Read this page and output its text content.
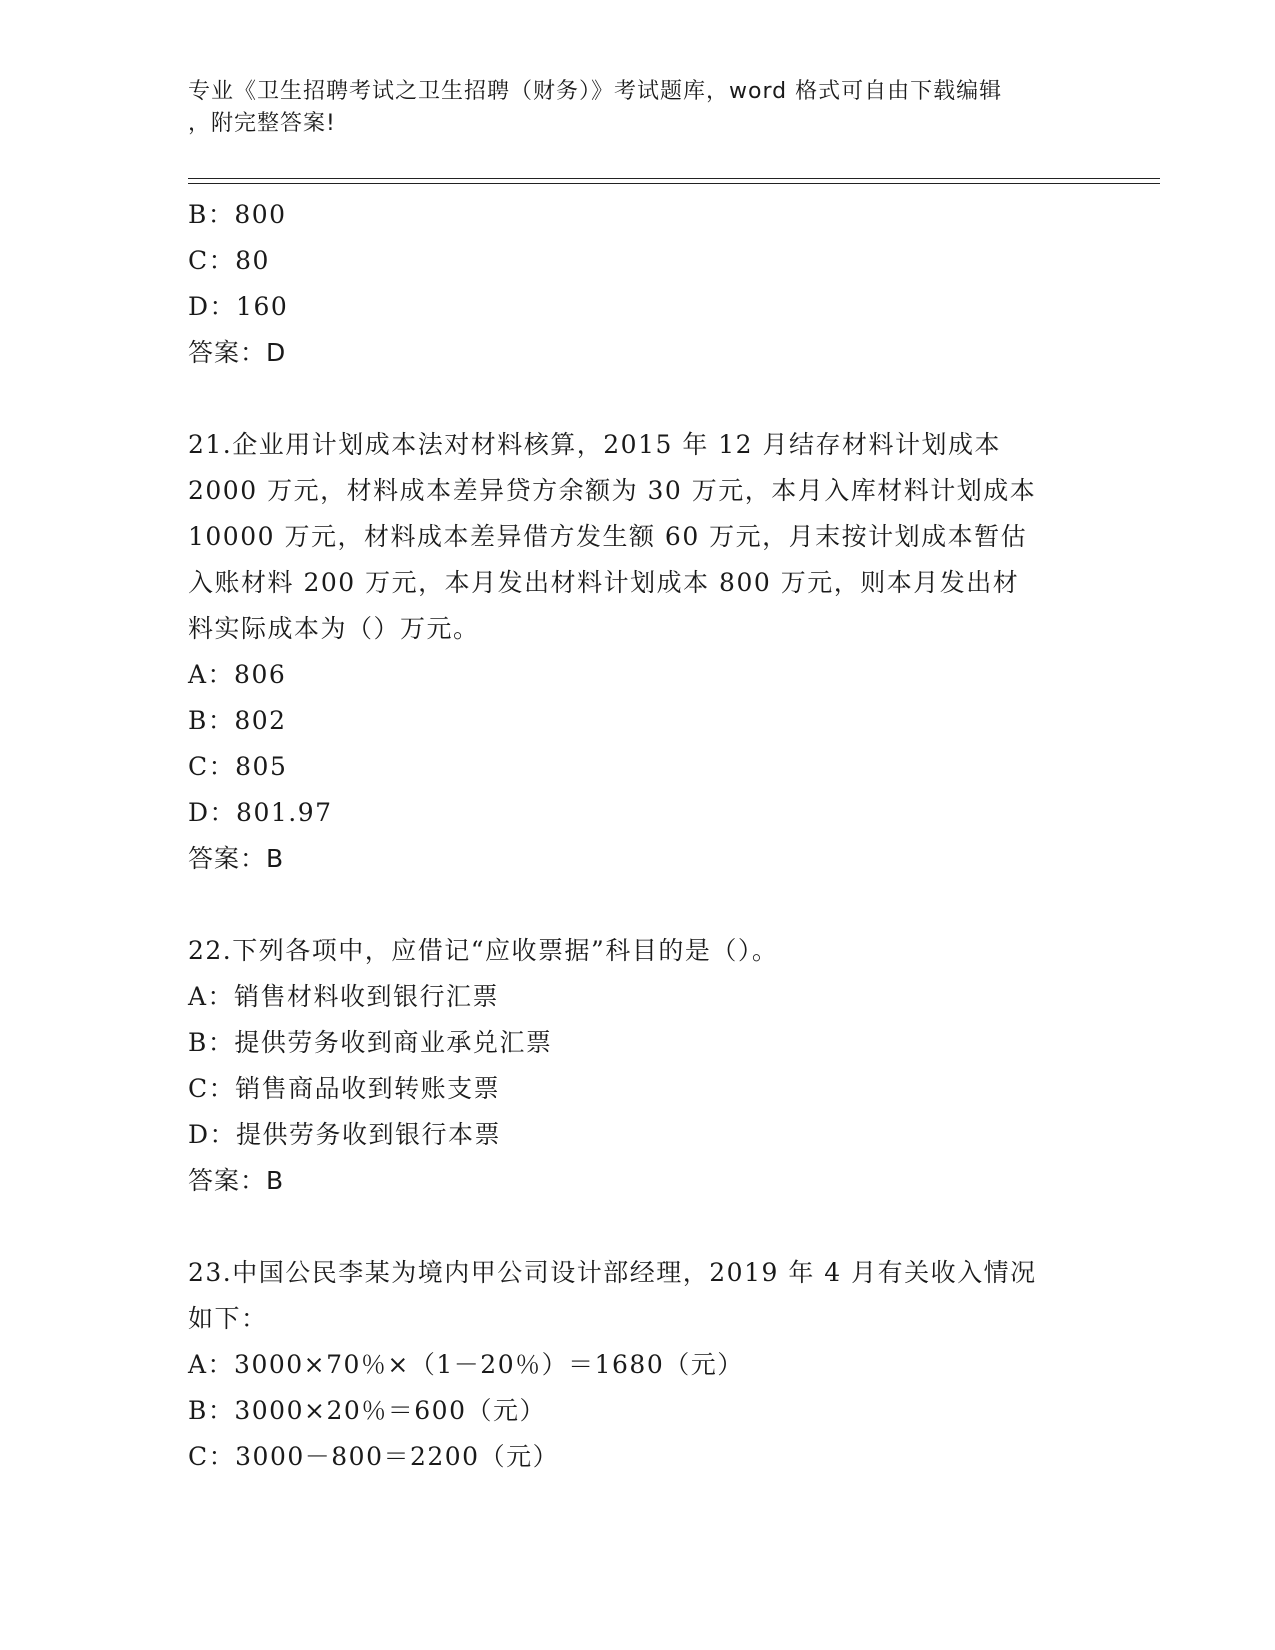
专业《卫生招聘考试之卫生招聘（财务）》考试题库，word 格式可自由下载编辑
，附完整答案!
B：800
C：80
D：160
答案：D
21.企业用计划成本法对材料核算，2015 年 12 月结存材料计划成本
2000 万元，材料成本差异贷方余额为 30 万元，本月入库材料计划成本
10000 万元，材料成本差异借方发生额 60 万元，月末按计划成本暂估
入账材料 200 万元，本月发出材料计划成本 800 万元，则本月发出材
料实际成本为（）万元。
A：806
B：802
C：805
D：801.97
答案：B
22.下列各项中，应借记“应收票据”科目的是（）。
A：销售材料收到银行汇票
B：提供劳务收到商业承兑汇票
C：销售商品收到转账支票
D：提供劳务收到银行本票
答案：B
23.中国公民李某为境内甲公司设计部经理，2019 年 4 月有关收入情况
如下：
A：3000×70％×（1－20％）＝1680（元）
B：3000×20％＝600（元）
C：3000－800＝2200（元）
